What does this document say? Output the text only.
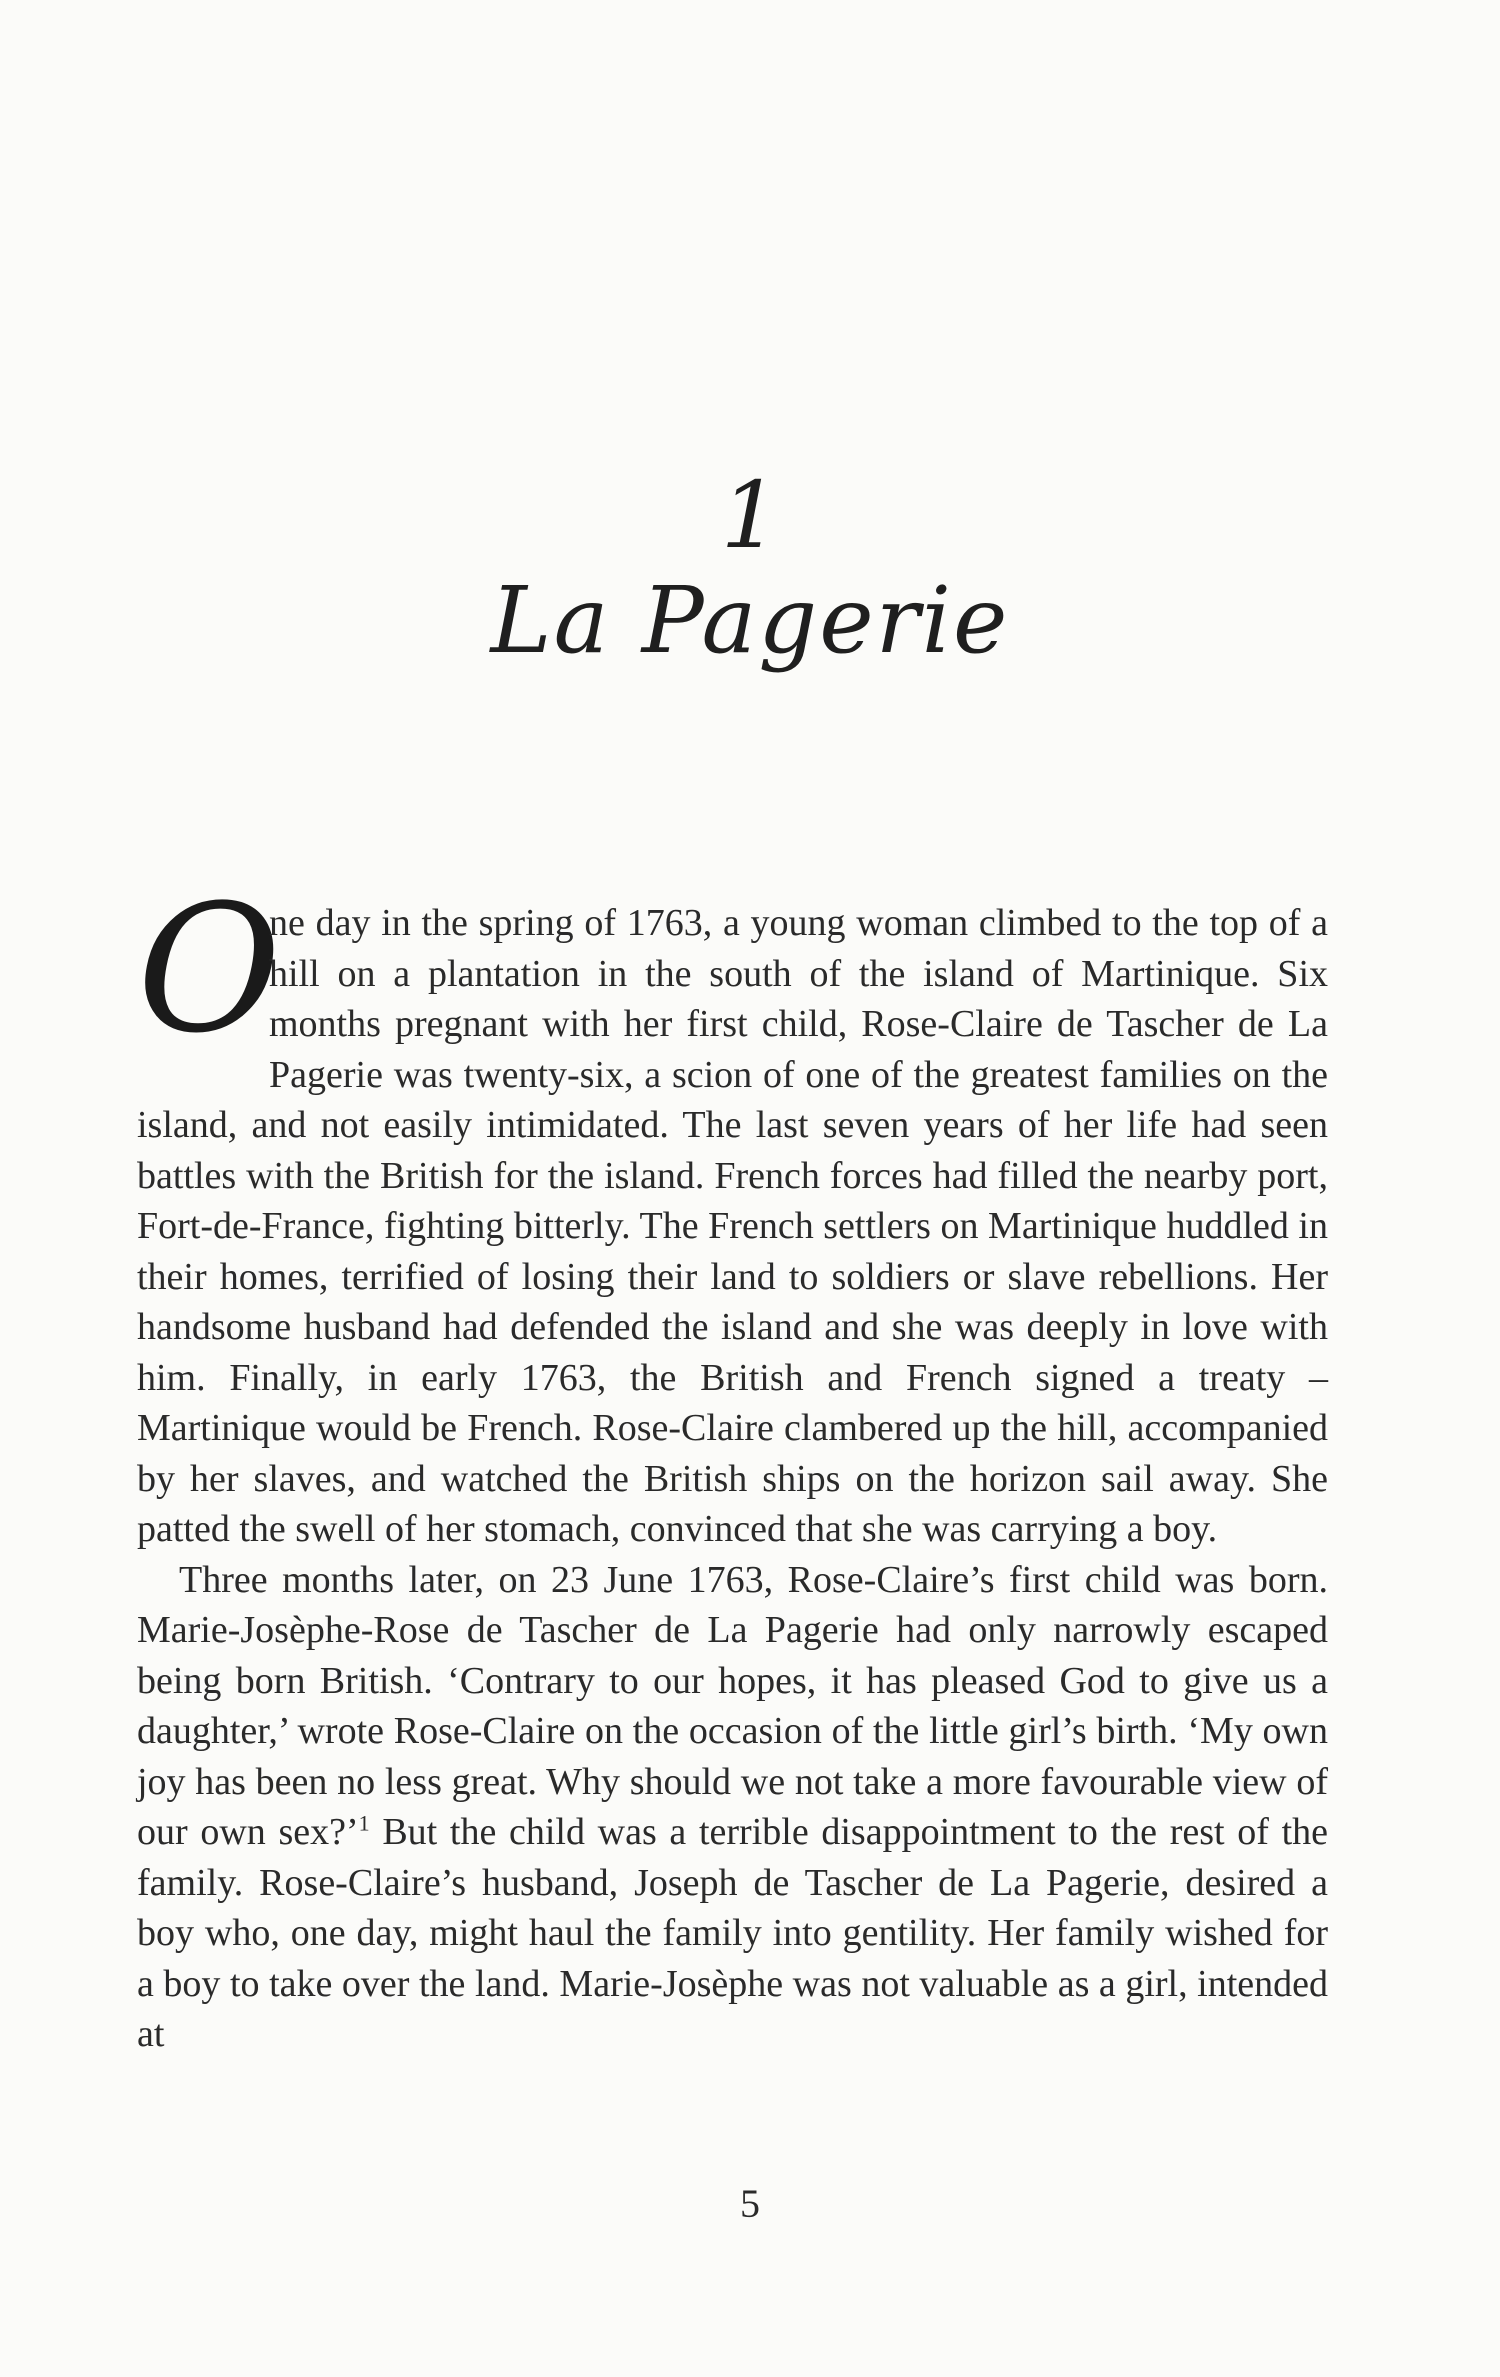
1
La Pagerie

O
ne day in the spring of 1763, a young woman climbed to the top of a hill on a plantation in the south of the island of Martinique. Six months pregnant with her first child, Rose-Claire de Tascher de La Pagerie was twenty-six, a scion of one of the greatest families on the island, and not easily intimidated. The last seven years of her life had seen battles with the British for the island. French forces had filled the nearby port, Fort-de-France, fighting bitterly. The French settlers on Martinique huddled in their homes, terrified of losing their land to soldiers or slave rebellions. Her handsome husband had defended the island and she was deeply in love with him. Finally, in early 1763, the British and French signed a treaty – Martinique would be French. Rose-Claire clambered up the hill, accompanied by her slaves, and watched the British ships on the horizon sail away. She patted the swell of her stomach, convinced that she was carrying a boy.

Three months later, on 23 June 1763, Rose-Claire’s first child was born. Marie-Josèphe-Rose de Tascher de La Pagerie had only narrowly escaped being born British. ‘Contrary to our hopes, it has pleased God to give us a daughter,’ wrote Rose-Claire on the occasion of the little girl’s birth. ‘My own joy has been no less great. Why should we not take a more favourable view of our own sex?’$^1$ But the child was a terrible disappointment to the rest of the family. Rose-Claire’s husband, Joseph de Tascher de La Pagerie, desired a boy who, one day, might haul the family into gentility. Her family wished for a boy to take over the land. Marie-Josèphe was not valuable as a girl, intended at

5
